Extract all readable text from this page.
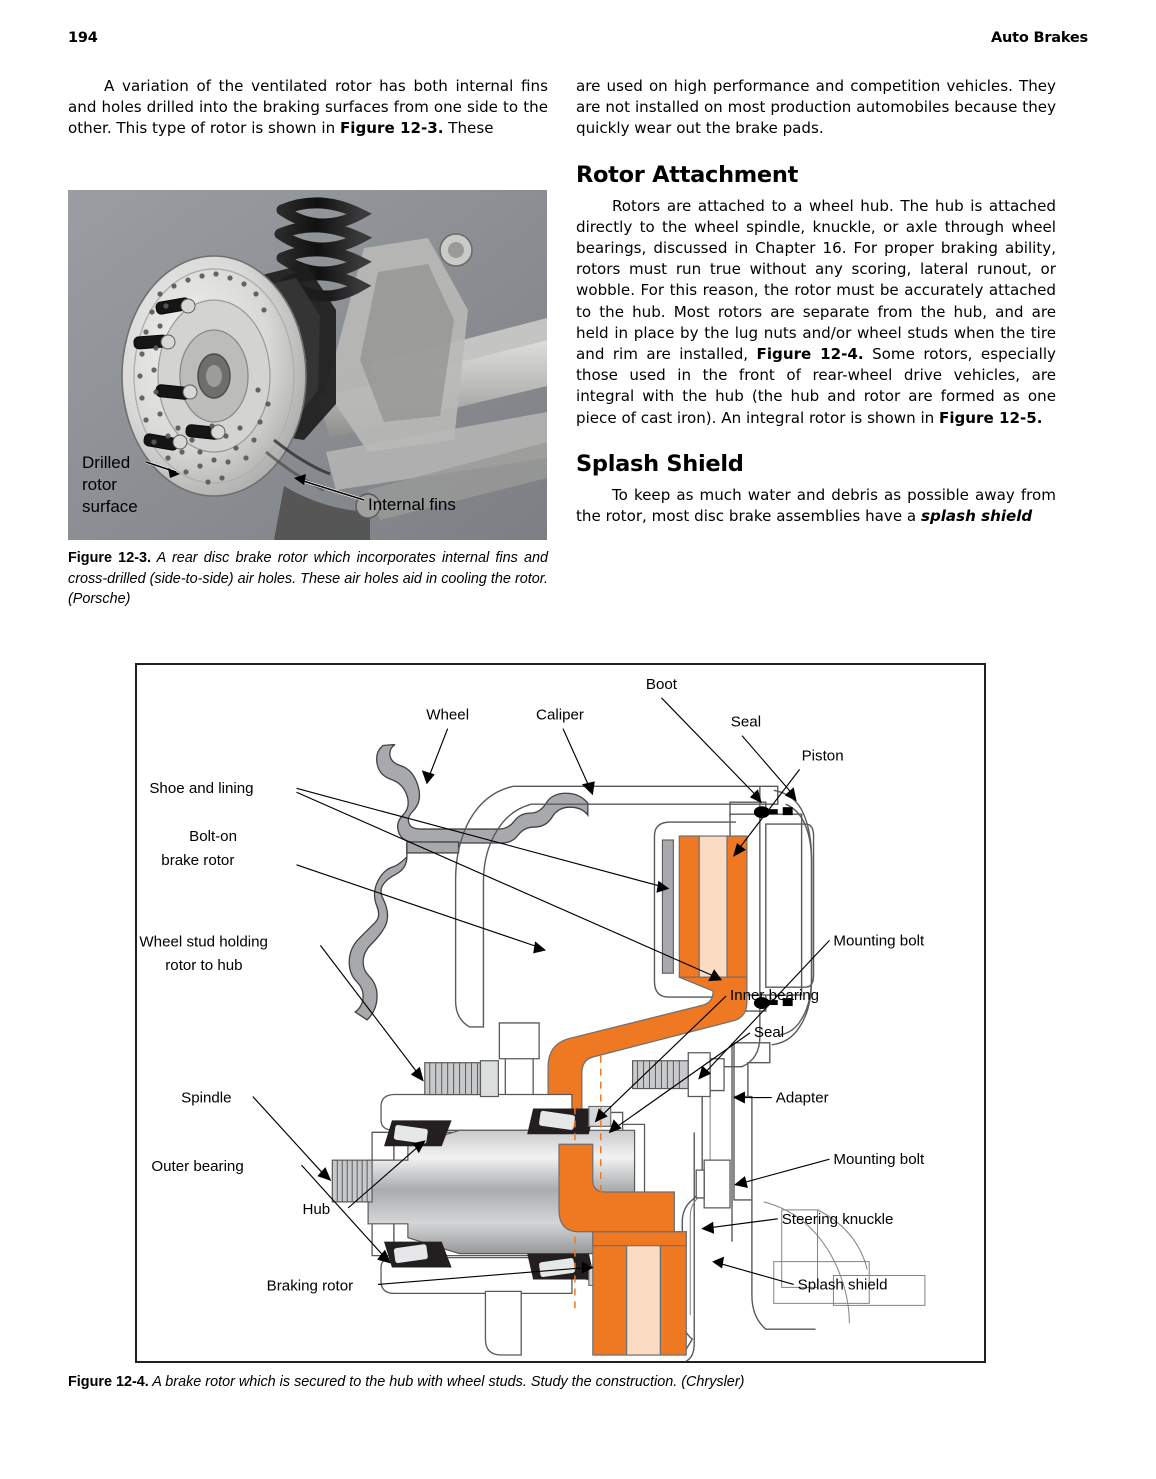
194	Auto Brakes

A variation of the ventilated rotor has both internal fins and holes drilled into the braking surfaces from one side to the other. This type of rotor is shown in Figure 12-3. These

Drilled
rotor
surface	Internal fins
Figure 12-3. A rear disc brake rotor which incorporates internal fins and cross-drilled (side-to-side) air holes. These air holes aid in cooling the rotor. (Porsche)

are used on high performance and competition vehicles. They are not installed on most production automobiles because they quickly wear out the brake pads.

Rotor Attachment

Rotors are attached to a wheel hub. The hub is attached directly to the wheel spindle, knuckle, or axle through wheel bearings, discussed in Chapter 16. For proper braking ability, rotors must run true without any scoring, lateral runout, or wobble. For this reason, the rotor must be accurately attached to the hub. Most rotors are separate from the hub, and are held in place by the lug nuts and/or wheel studs when the tire and rim are installed, Figure 12-4. Some rotors, especially those used in the front of rear-wheel drive vehicles, are integral with the hub (the hub and rotor are formed as one piece of cast iron). An integral rotor is shown in Figure 12-5.

Splash Shield

To keep as much water and debris as possible away from the rotor, most disc brake assemblies have a splash shield

Wheel	Caliper
Boot
Seal
Piston
Shoe and lining
Bolt-on
brake rotor
Wheel stud holding
rotor to hub
Spindle
Outer bearing
Hub
Braking rotor
Mounting bolt
Inner bearing
Seal
Adapter
Mounting bolt
Steering knuckle
Splash shield
Figure 12-4. A brake rotor which is secured to the hub with wheel studs. Study the construction. (Chrysler)
